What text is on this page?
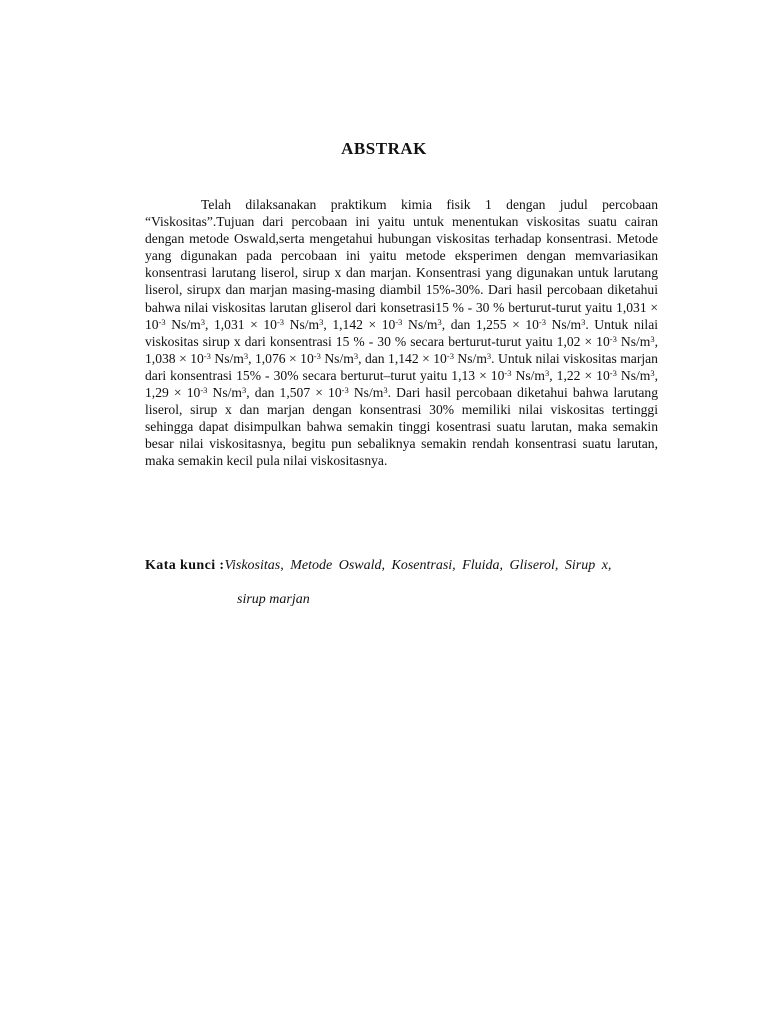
ABSTRAK

Telah dilaksanakan praktikum kimia fisik 1 dengan judul percobaan “Viskositas”.Tujuan dari percobaan ini yaitu untuk menentukan viskositas suatu cairan dengan metode Oswald,serta mengetahui hubungan viskositas terhadap konsentrasi. Metode yang digunakan pada percobaan ini yaitu metode eksperimen dengan memvariasikan konsentrasi larutang liserol, sirup x dan marjan. Konsentrasi yang digunakan untuk larutang liserol, sirupx dan marjan masing-masing diambil 15%-30%. Dari hasil percobaan diketahui bahwa nilai viskositas larutan gliserol dari konsetrasi15 % - 30 % berturut-turut yaitu $1,031 \times 10^{-3}$ $Ns/m^3$, $1,031 \times 10^{-3}$ $Ns/m^3$, $1,142 \times 10^{-3}$ $Ns/m^3$, dan $1,255 \times 10^{-3}$ $Ns/m^3$. Untuk nilai viskositas sirup x dari konsentrasi 15 % - 30 % secara berturut-turut yaitu $1,02 \times 10^{-3}$ $Ns/m^3$, $1,038 \times 10^{-3}$ $Ns/m^3$, $1,076 \times 10^{-3}$ $Ns/m^3$, dan $1,142 \times 10^{-3}$ $Ns/m^3$. Untuk nilai viskositas marjan dari konsentrasi 15% - 30% secara berturut–turut yaitu $1,13 \times 10^{-3}$ $Ns/m^3$, $1,22 \times 10^{-3}$ $Ns/m^3$, $1,29 \times 10^{-3}$ $Ns/m^3$, dan $1,507 \times 10^{-3}$ $Ns/m^3$. Dari hasil percobaan diketahui bahwa larutang liserol, sirup x dan marjan dengan konsentrasi 30% memiliki nilai viskositas tertinggi sehingga dapat disimpulkan bahwa semakin tinggi kosentrasi suatu larutan, maka semakin besar nilai viskositasnya, begitu pun sebaliknya semakin rendah konsentrasi suatu larutan, maka semakin kecil pula nilai viskositasnya.

Kata kunci :Viskositas, Metode Oswald, Kosentrasi, Fluida, Gliserol, Sirup x,
sirup marjan
